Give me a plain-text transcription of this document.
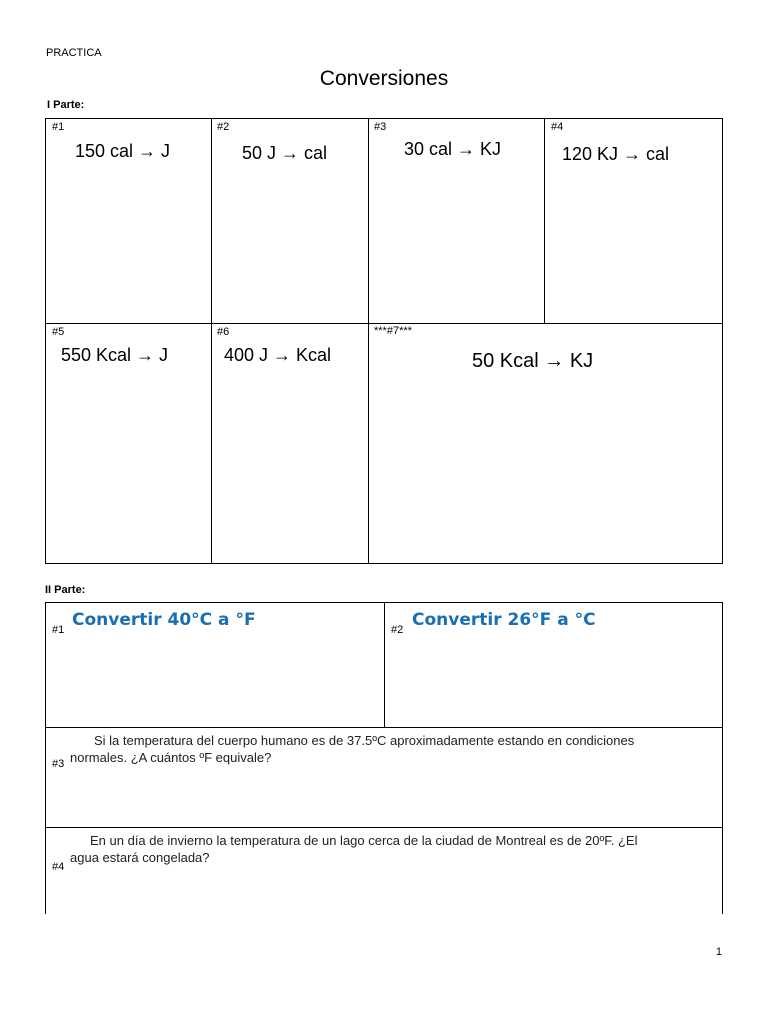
PRACTICA
Conversiones
I Parte:
#1
150 cal → J
#2
50 J → cal
#3
30 cal → KJ
#4
120 KJ → cal
#5
550 Kcal → J
#6
400 J → Kcal
***#7***
50 Kcal → KJ
II Parte:
#1 Convertir 40°C a °F	#2 Convertir 26°F a °C
#3
Si la temperatura del cuerpo humano es de 37.5ºC aproximadamente estando en condiciones
normales. ¿A cuántos ºF equivale?
#4
En un día de invierno la temperatura de un lago cerca de la ciudad de Montreal es de 20ºF. ¿El
agua estará congelada?
1
